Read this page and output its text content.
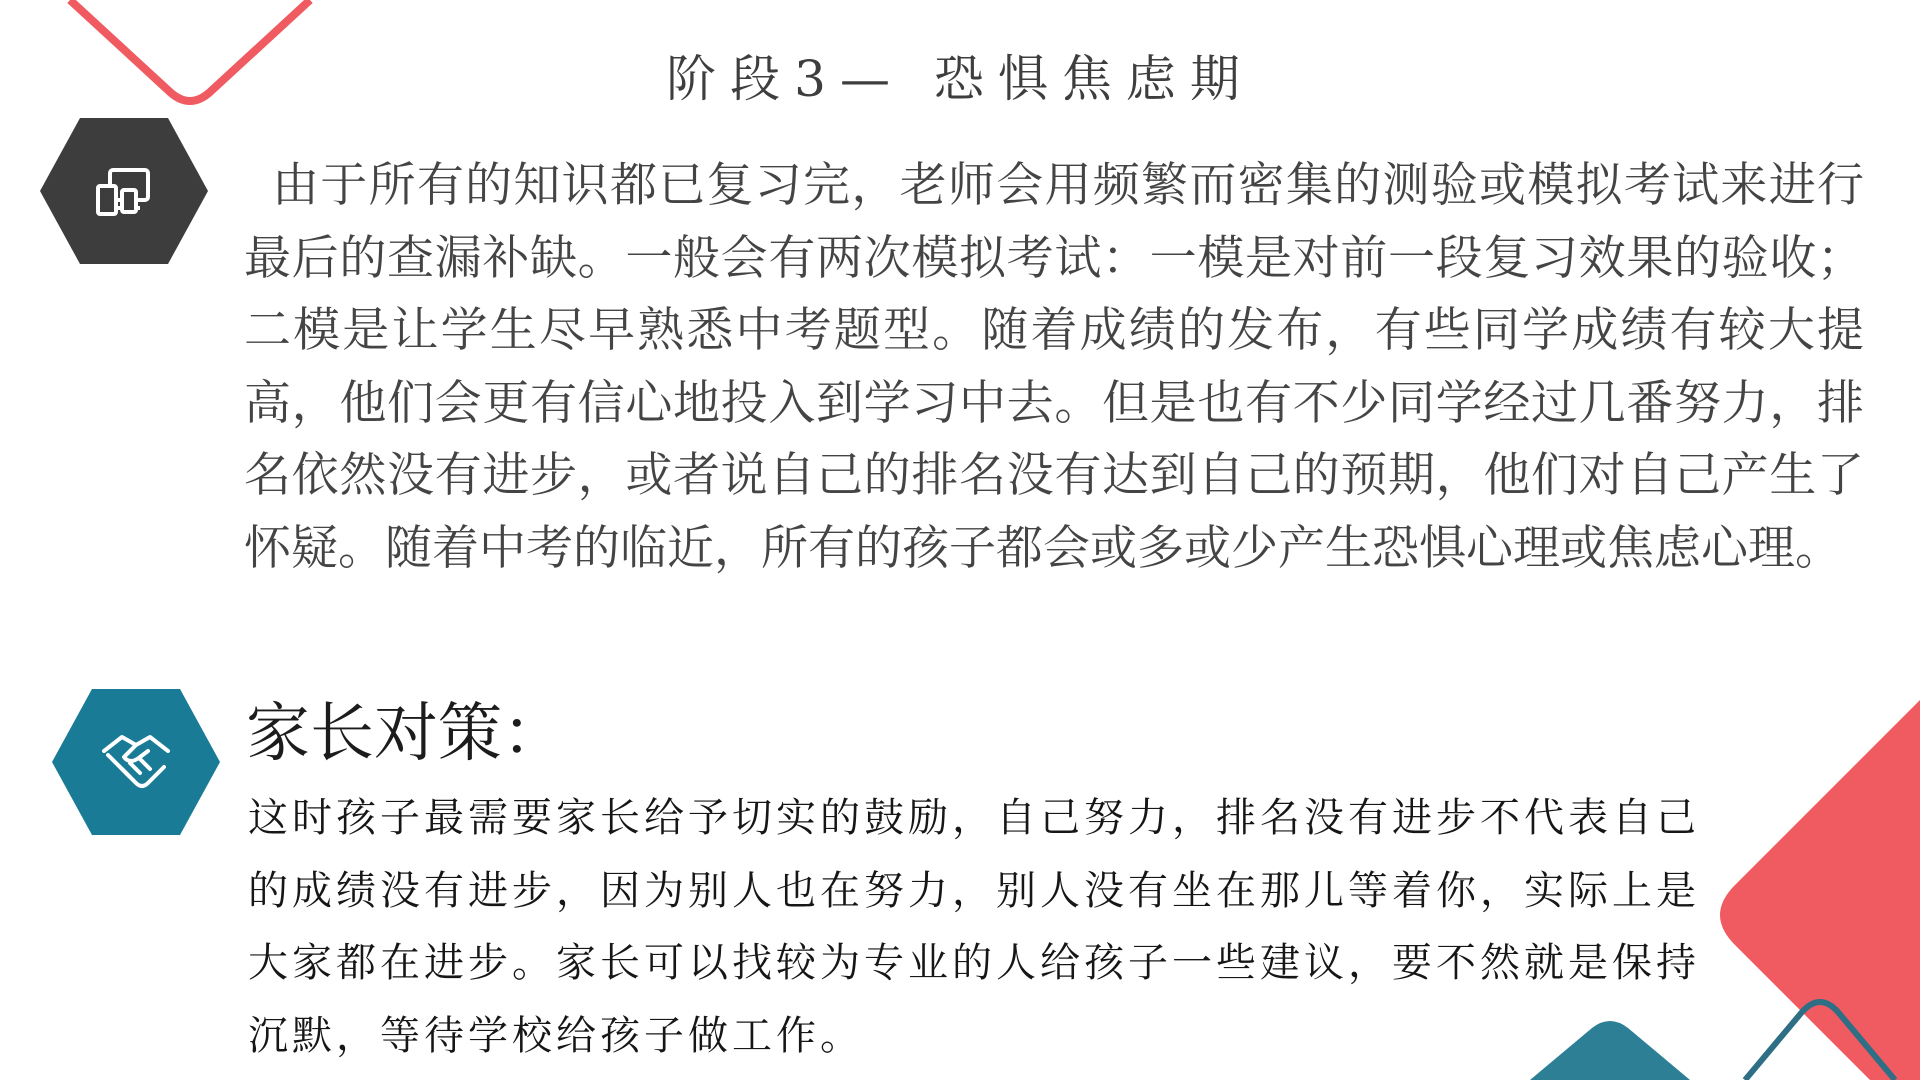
阶段3— 恐惧焦虑期
由于所有的知识都已复习完，老师会用频繁而密集的测验或模拟考试来进行最后的查漏补缺。一般会有两次模拟考试：一模是对前一段复习效果的验收；二模是让学生尽早熟悉中考题型。随着成绩的发布，有些同学成绩有较大提高，他们会更有信心地投入到学习中去。但是也有不少同学经过几番努力，排名依然没有进步，或者说自己的排名没有达到自己的预期，他们对自己产生了怀疑。随着中考的临近，所有的孩子都会或多或少产生恐惧心理或焦虑心理。
家长对策：
这时孩子最需要家长给予切实的鼓励，自己努力，排名没有进步不代表自己的成绩没有进步，因为别人也在努力，别人没有坐在那儿等着你，实际上是大家都在进步。家长可以找较为专业的人给孩子一些建议，要不然就是保持沉默，等待学校给孩子做工作。
